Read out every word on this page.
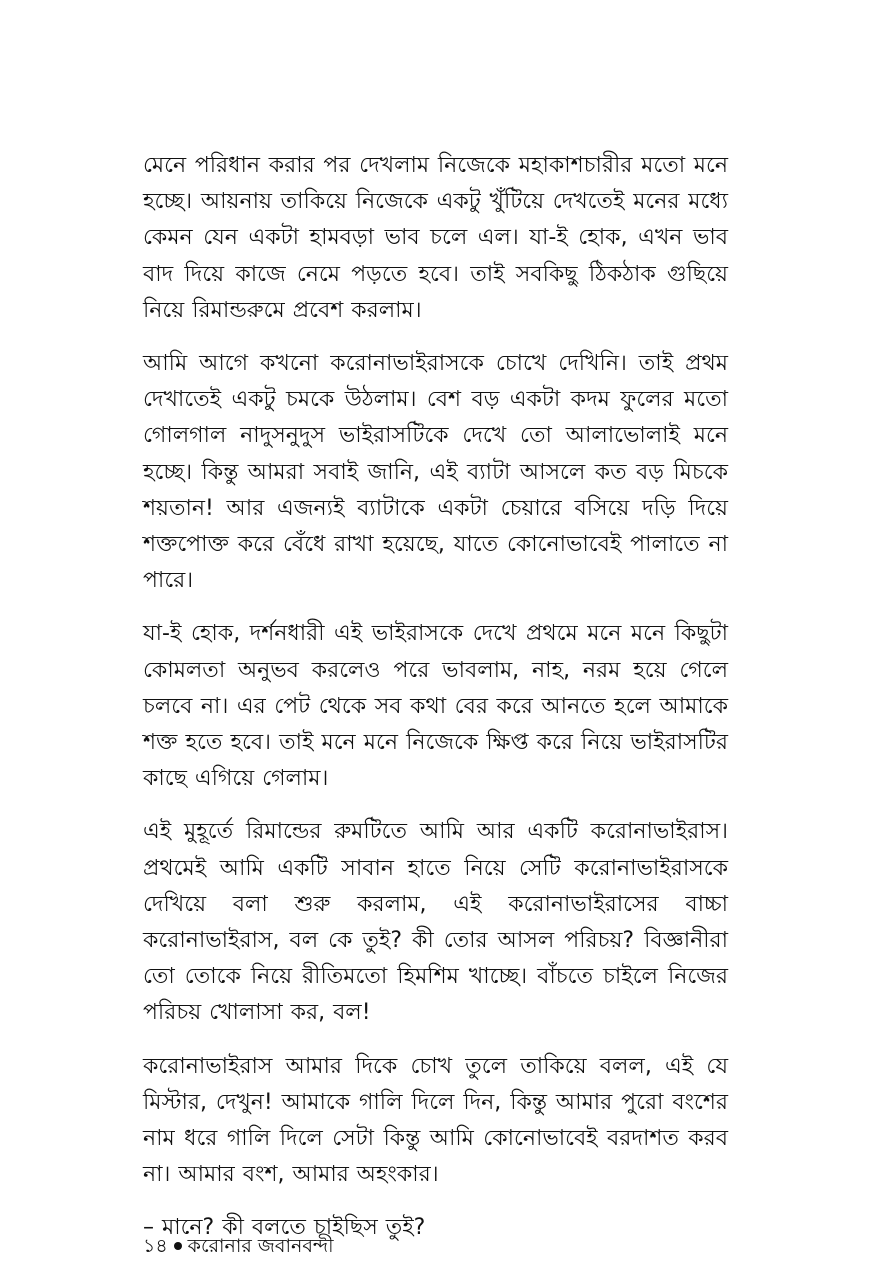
মেনে পরিধান করার পর দেখলাম নিজেকে মহাকাশচারীর মতো মনে হচ্ছে। আয়নায় তাকিয়ে নিজেকে একটু খুঁটিয়ে দেখতেই মনের মধ্যে কেমন যেন একটা হামবড়া ভাব চলে এল। যা-ই হোক, এখন ভাব বাদ দিয়ে কাজে নেমে পড়তে হবে। তাই সবকিছু ঠিকঠাক গুছিয়ে নিয়ে রিমান্ডরুমে প্রবেশ করলাম।

আমি আগে কখনো করোনাভাইরাসকে চোখে দেখিনি। তাই প্রথম দেখাতেই একটু চমকে উঠলাম। বেশ বড় একটা কদম ফুলের মতো গোলগাল নাদুসনুদুস ভাইরাসটিকে দেখে তো আলাভোলাই মনে হচ্ছে। কিন্তু আমরা সবাই জানি, এই ব্যাটা আসলে কত বড় মিচকে শয়তান! আর এজন্যই ব্যাটাকে একটা চেয়ারে বসিয়ে দড়ি দিয়ে শক্তপোক্ত করে বেঁধে রাখা হয়েছে, যাতে কোনোভাবেই পালাতে না পারে।

যা-ই হোক, দর্শনধারী এই ভাইরাসকে দেখে প্রথমে মনে মনে কিছুটা কোমলতা অনুভব করলেও পরে ভাবলাম, নাহ, নরম হয়ে গেলে চলবে না। এর পেট থেকে সব কথা বের করে আনতে হলে আমাকে শক্ত হতে হবে। তাই মনে মনে নিজেকে ক্ষিপ্ত করে নিয়ে ভাইরাসটির কাছে এগিয়ে গেলাম।

এই মুহূর্তে রিমান্ডের রুমটিতে আমি আর একটি করোনাভাইরাস। প্রথমেই আমি একটি সাবান হাতে নিয়ে সেটি করোনাভাইরাসকে দেখিয়ে বলা শুরু করলাম, এই করোনাভাইরাসের বাচ্চা করোনাভাইরাস, বল কে তুই? কী তোর আসল পরিচয়? বিজ্ঞানীরা তো তোকে নিয়ে রীতিমতো হিমশিম খাচ্ছে। বাঁচতে চাইলে নিজের পরিচয় খোলাসা কর, বল!

করোনাভাইরাস আমার দিকে চোখ তুলে তাকিয়ে বলল, এই যে মিস্টার, দেখুন! আমাকে গালি দিলে দিন, কিন্তু আমার পুরো বংশের নাম ধরে গালি দিলে সেটা কিন্তু আমি কোনোভাবেই বরদাশত করব না। আমার বংশ, আমার অহংকার।

– মানে? কী বলতে চাইছিস তুই?

১৪ করোনার জবানবন্দী
